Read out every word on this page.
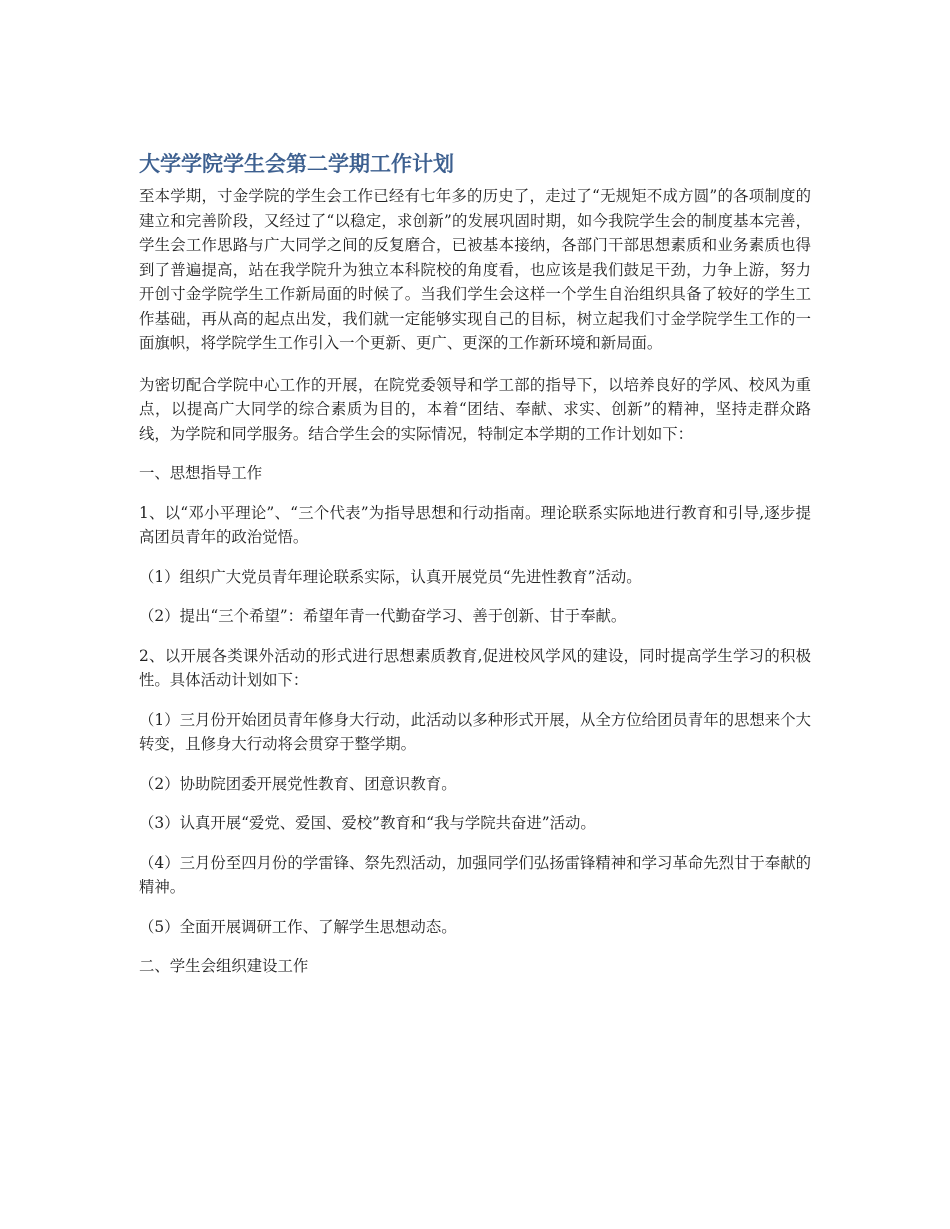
大学学院学生会第二学期工作计划

至本学期，寸金学院的学生会工作已经有七年多的历史了，走过了“无规矩不成方圆”的各项制度的建立和完善阶段，又经过了“以稳定，求创新”的发展巩固时期，如今我院学生会的制度基本完善，学生会工作思路与广大同学之间的反复磨合，已被基本接纳，各部门干部思想素质和业务素质也得到了普遍提高，站在我学院升为独立本科院校的角度看，也应该是我们鼓足干劲，力争上游，努力开创寸金学院学生工作新局面的时候了。当我们学生会这样一个学生自治组织具备了较好的学生工作基础，再从高的起点出发，我们就一定能够实现自己的目标，树立起我们寸金学院学生工作的一面旗帜，将学院学生工作引入一个更新、更广、更深的工作新环境和新局面。

为密切配合学院中心工作的开展，在院党委领导和学工部的指导下，以培养良好的学风、校风为重点，以提高广大同学的综合素质为目的，本着“团结、奉献、求实、创新”的精神，坚持走群众路线，为学院和同学服务。结合学生会的实际情况，特制定本学期的工作计划如下：

一、思想指导工作

1、以“邓小平理论”、“三个代表”为指导思想和行动指南。理论联系实际地进行教育和引导,逐步提高团员青年的政治觉悟。

（1）组织广大党员青年理论联系实际，认真开展党员“先进性教育”活动。

（2）提出“三个希望”：希望年青一代勤奋学习、善于创新、甘于奉献。

2、以开展各类课外活动的形式进行思想素质教育,促进校风学风的建设，同时提高学生学习的积极性。具体活动计划如下：

（1）三月份开始团员青年修身大行动，此活动以多种形式开展，从全方位给团员青年的思想来个大转变，且修身大行动将会贯穿于整学期。

（2）协助院团委开展党性教育、团意识教育。

（3）认真开展“爱党、爱国、爱校”教育和“我与学院共奋进”活动。

（4）三月份至四月份的学雷锋、祭先烈活动，加强同学们弘扬雷锋精神和学习革命先烈甘于奉献的精神。

（5）全面开展调研工作、了解学生思想动态。

二、学生会组织建设工作
